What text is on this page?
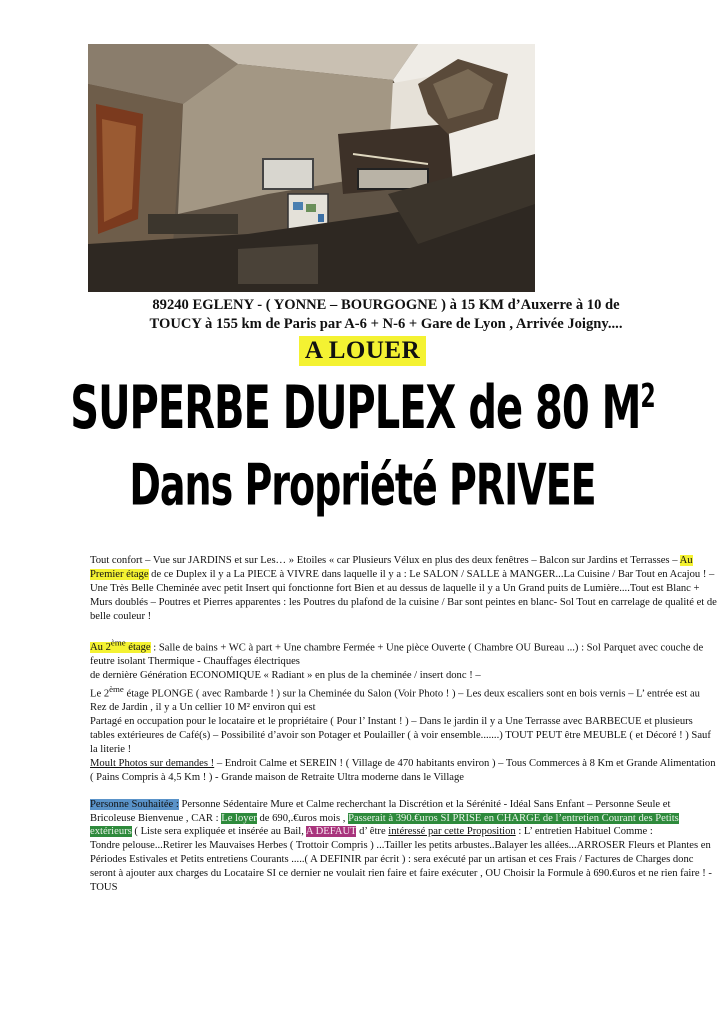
89240 EGLENY - ( YONNE – BOURGOGNE ) à 15 KM d’Auxerre à 10 de
TOUCY à 155 km de Paris par A-6 + N-6 + Gare de Lyon , Arrivée Joigny....
A LOUER
SUPERBE DUPLEX de 80 $M^2$
Dans Propriété PRIVEE

Tout confort – Vue sur JARDINS et sur Les… » Etoiles « car Plusieurs Vélux en plus des deux fenêtres – Balcon sur Jardins et Terrasses – Au Premier étage de ce Duplex il y a La PIECE à VIVRE dans laquelle il y a : Le SALON / SALLE à MANGER...La Cuisine / Bar Tout en Acajou ! – Une Très Belle Cheminée avec petit Insert qui fonctionne fort Bien et au dessus de laquelle il y a Un Grand puits de Lumière....Tout est Blanc + Murs doublés – Poutres et Pierres apparentes : les Poutres du plafond de la cuisine / Bar sont peintes en blanc- Sol Tout en carrelage de qualité et de belle couleur !

Au 2ème étage : Salle de bains + WC à part + Une chambre Fermée + Une pièce Ouverte ( Chambre OU Bureau ...) : Sol Parquet avec couche de feutre isolant Thermique - Chauffages électriques

de dernière Génération ECONOMIQUE « Radiant » en plus de la cheminée / insert donc ! –

Le 2ème étage PLONGE ( avec Rambarde ! ) sur la Cheminée du Salon (Voir Photo ! ) – Les deux escaliers sont en bois vernis – L’ entrée est au Rez de Jardin , il y a Un cellier 10 M² environ qui est

Partagé en occupation pour le locataire et le propriétaire ( Pour l’ Instant ! ) – Dans le jardin il y a Une Terrasse avec BARBECUE et plusieurs tables extérieures de Café(s) – Possibilité d’avoir son Potager et Poulailler ( à voir ensemble.......) TOUT PEUT être MEUBLE ( et Décoré ! ) Sauf la literie !

Moult Photos sur demandes ! – Endroit Calme et SEREIN ! ( Village de 470 habitants environ ) – Tous Commerces à 8 Km et Grande Alimentation ( Pains Compris à 4,5 Km ! ) - Grande maison de Retraite Ultra moderne dans le Village

Personne Souhaitée : Personne Sédentaire Mure et Calme recherchant la Discrétion et la Sérénité - Idéal Sans Enfant – Personne Seule et Bricoleuse Bienvenue , CAR : Le loyer de 690,.€uros mois , Passerait à 390.€uros SI PRISE en CHARGE de l’entretien Courant des Petits extérieurs ( Liste sera expliquée et insérée au Bail, A DEFAUT d’ être intéressé par cette Proposition : L’ entretien Habituel Comme :

Tondre pelouse...Retirer les Mauvaises Herbes ( Trottoir Compris ) ...Tailler les petits arbustes..Balayer les allées...ARROSER Fleurs et Plantes en Périodes Estivales et Petits entretiens Courants .....( A DEFINIR par écrit ) : sera exécuté par un artisan et ces Frais / Factures de Charges donc seront à ajouter aux charges du Locataire SI ce dernier ne voulait rien faire et faire exécuter , OU Choisir la Formule à 690.€uros et ne rien faire ! - TOUS
